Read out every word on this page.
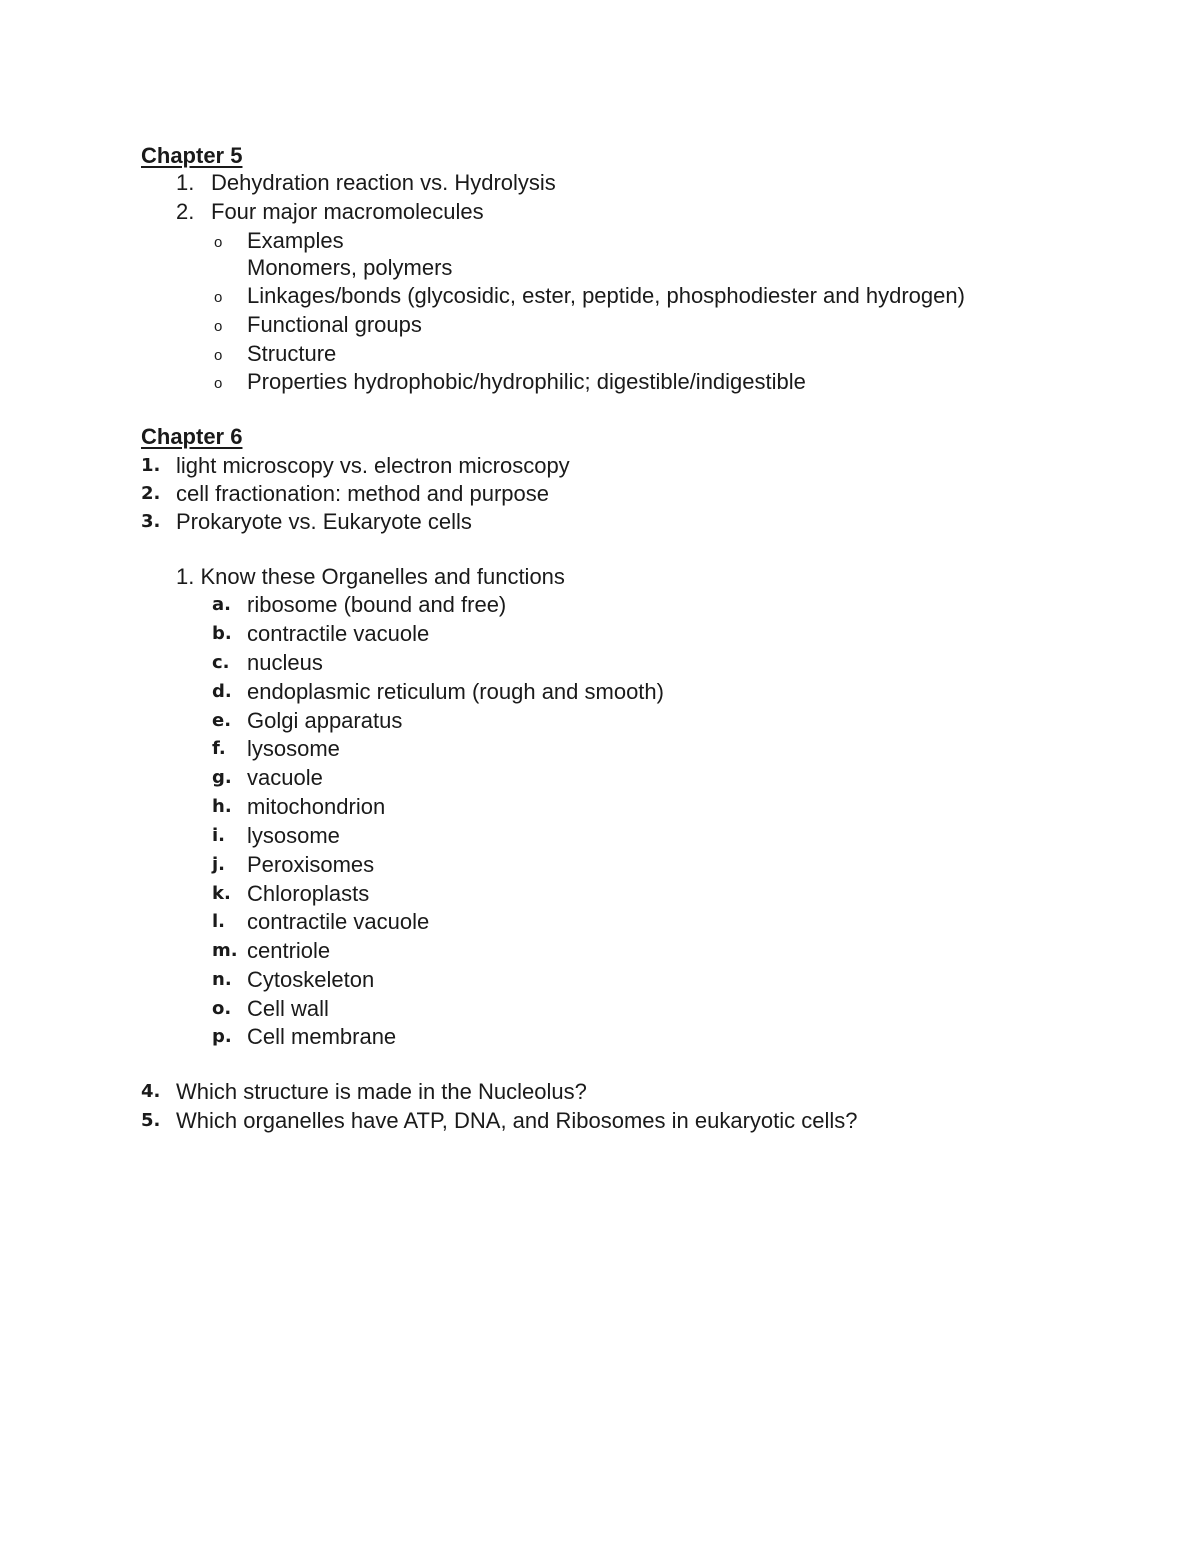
Chapter 5
1. Dehydration reaction vs. Hydrolysis
2. Four major macromolecules
o Examples
Monomers, polymers
o Linkages/bonds (glycosidic, ester, peptide, phosphodiester and hydrogen)
o Functional groups
o Structure
o Properties hydrophobic/hydrophilic; digestible/indigestible
Chapter 6
1. light microscopy vs. electron microscopy
2. cell fractionation: method and purpose
3. Prokaryote vs. Eukaryote cells
1. Know these Organelles and functions
a. ribosome (bound and free)
b. contractile vacuole
c. nucleus
d. endoplasmic reticulum (rough and smooth)
e. Golgi apparatus
f. lysosome
g. vacuole
h. mitochondrion
i. lysosome
j. Peroxisomes
k. Chloroplasts
l. contractile vacuole
m. centriole
n. Cytoskeleton
o. Cell wall
p. Cell membrane
4. Which structure is made in the Nucleolus?
5. Which organelles have ATP, DNA, and Ribosomes in eukaryotic cells?
